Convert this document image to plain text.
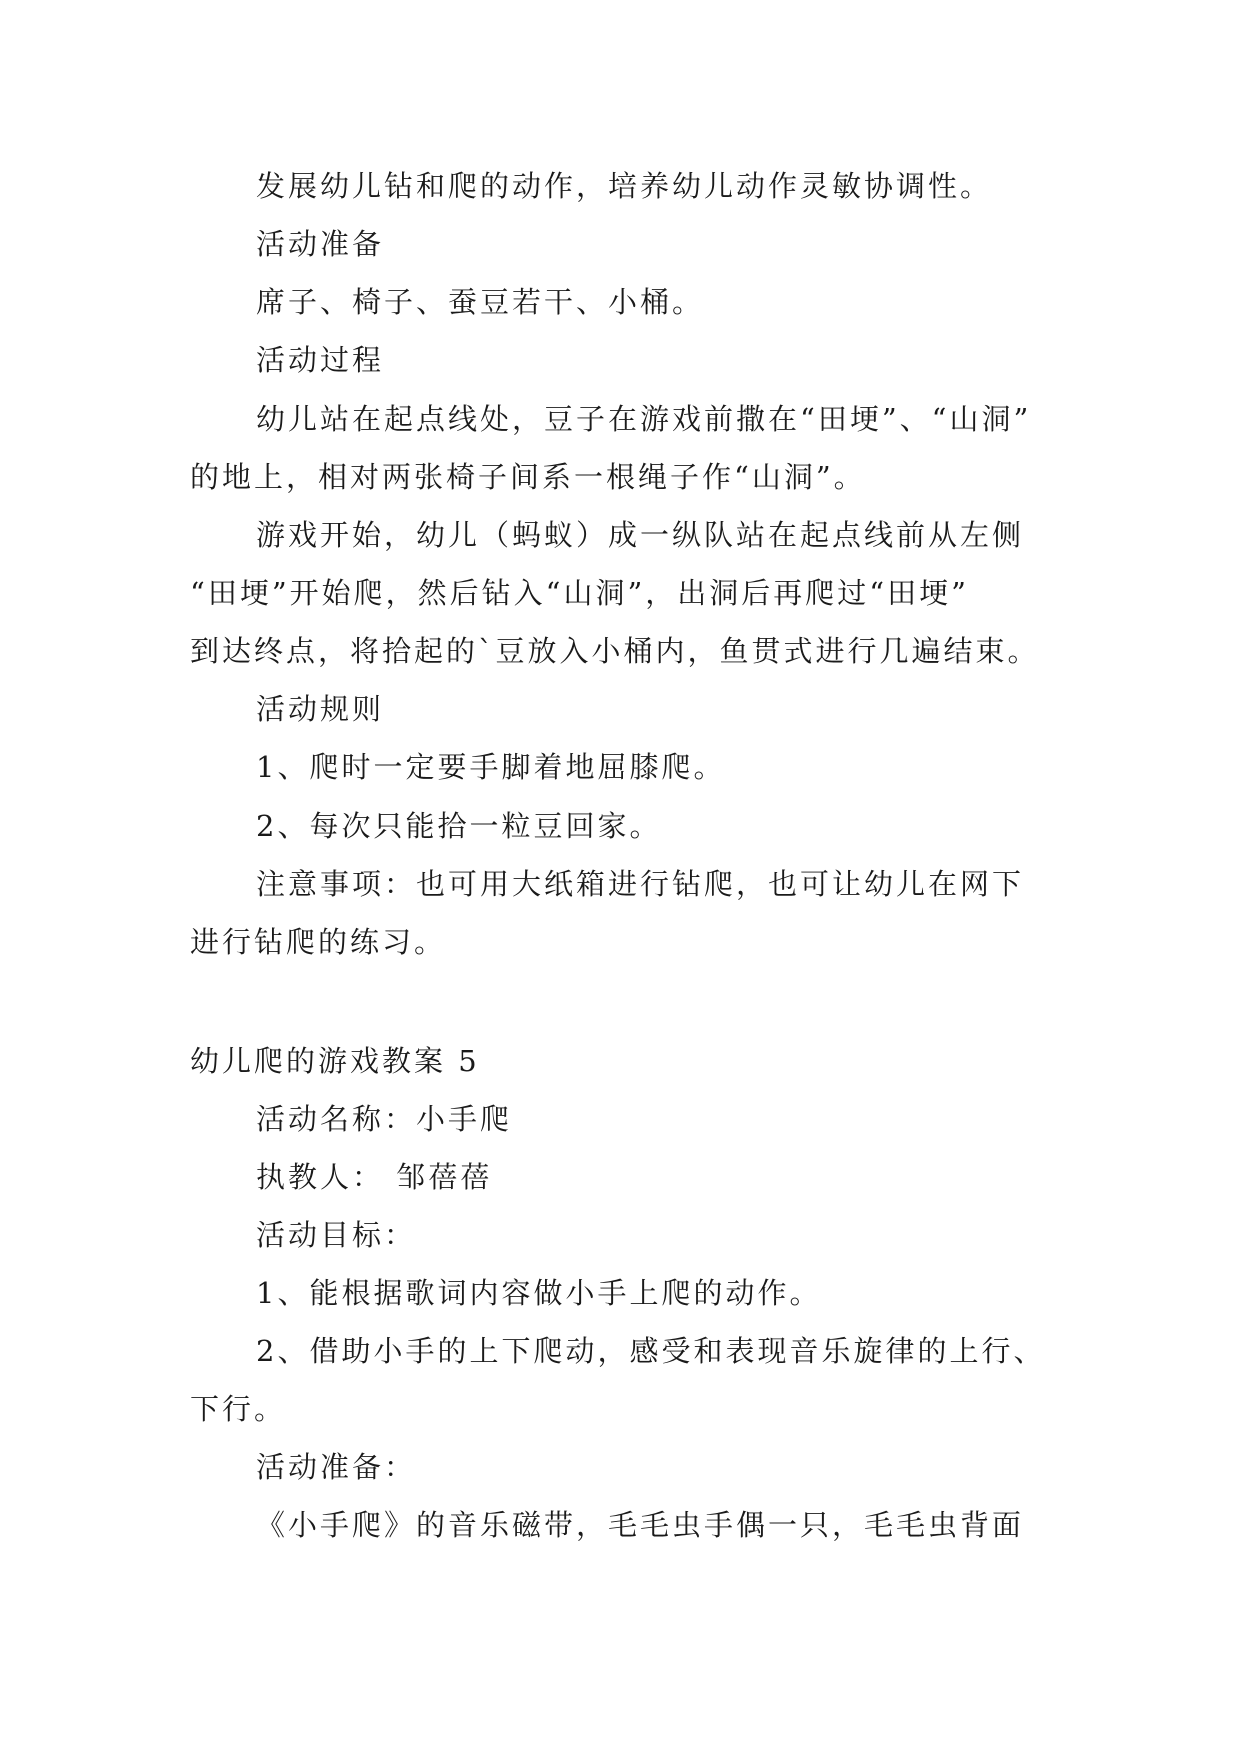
发展幼儿钻和爬的动作，培养幼儿动作灵敏协调性。
活动准备
席子、椅子、蚕豆若干、小桶。
活动过程
幼儿站在起点线处，豆子在游戏前撒在“田埂”、“山洞”
的地上，相对两张椅子间系一根绳子作“山洞”。
游戏开始，幼儿（蚂蚁）成一纵队站在起点线前从左侧
“田埂”开始爬，然后钻入“山洞”，出洞后再爬过“田埂”
到达终点，将拾起的`豆放入小桶内，鱼贯式进行几遍结束。
活动规则
1、爬时一定要手脚着地屈膝爬。
2、每次只能拾一粒豆回家。
注意事项：也可用大纸箱进行钻爬，也可让幼儿在网下
进行钻爬的练习。
幼儿爬的游戏教案 5
活动名称：小手爬
执教人： 邹蓓蓓
活动目标：
1、能根据歌词内容做小手上爬的动作。
2、借助小手的上下爬动，感受和表现音乐旋律的上行、
下行。
活动准备：
《小手爬》的音乐磁带，毛毛虫手偶一只，毛毛虫背面
